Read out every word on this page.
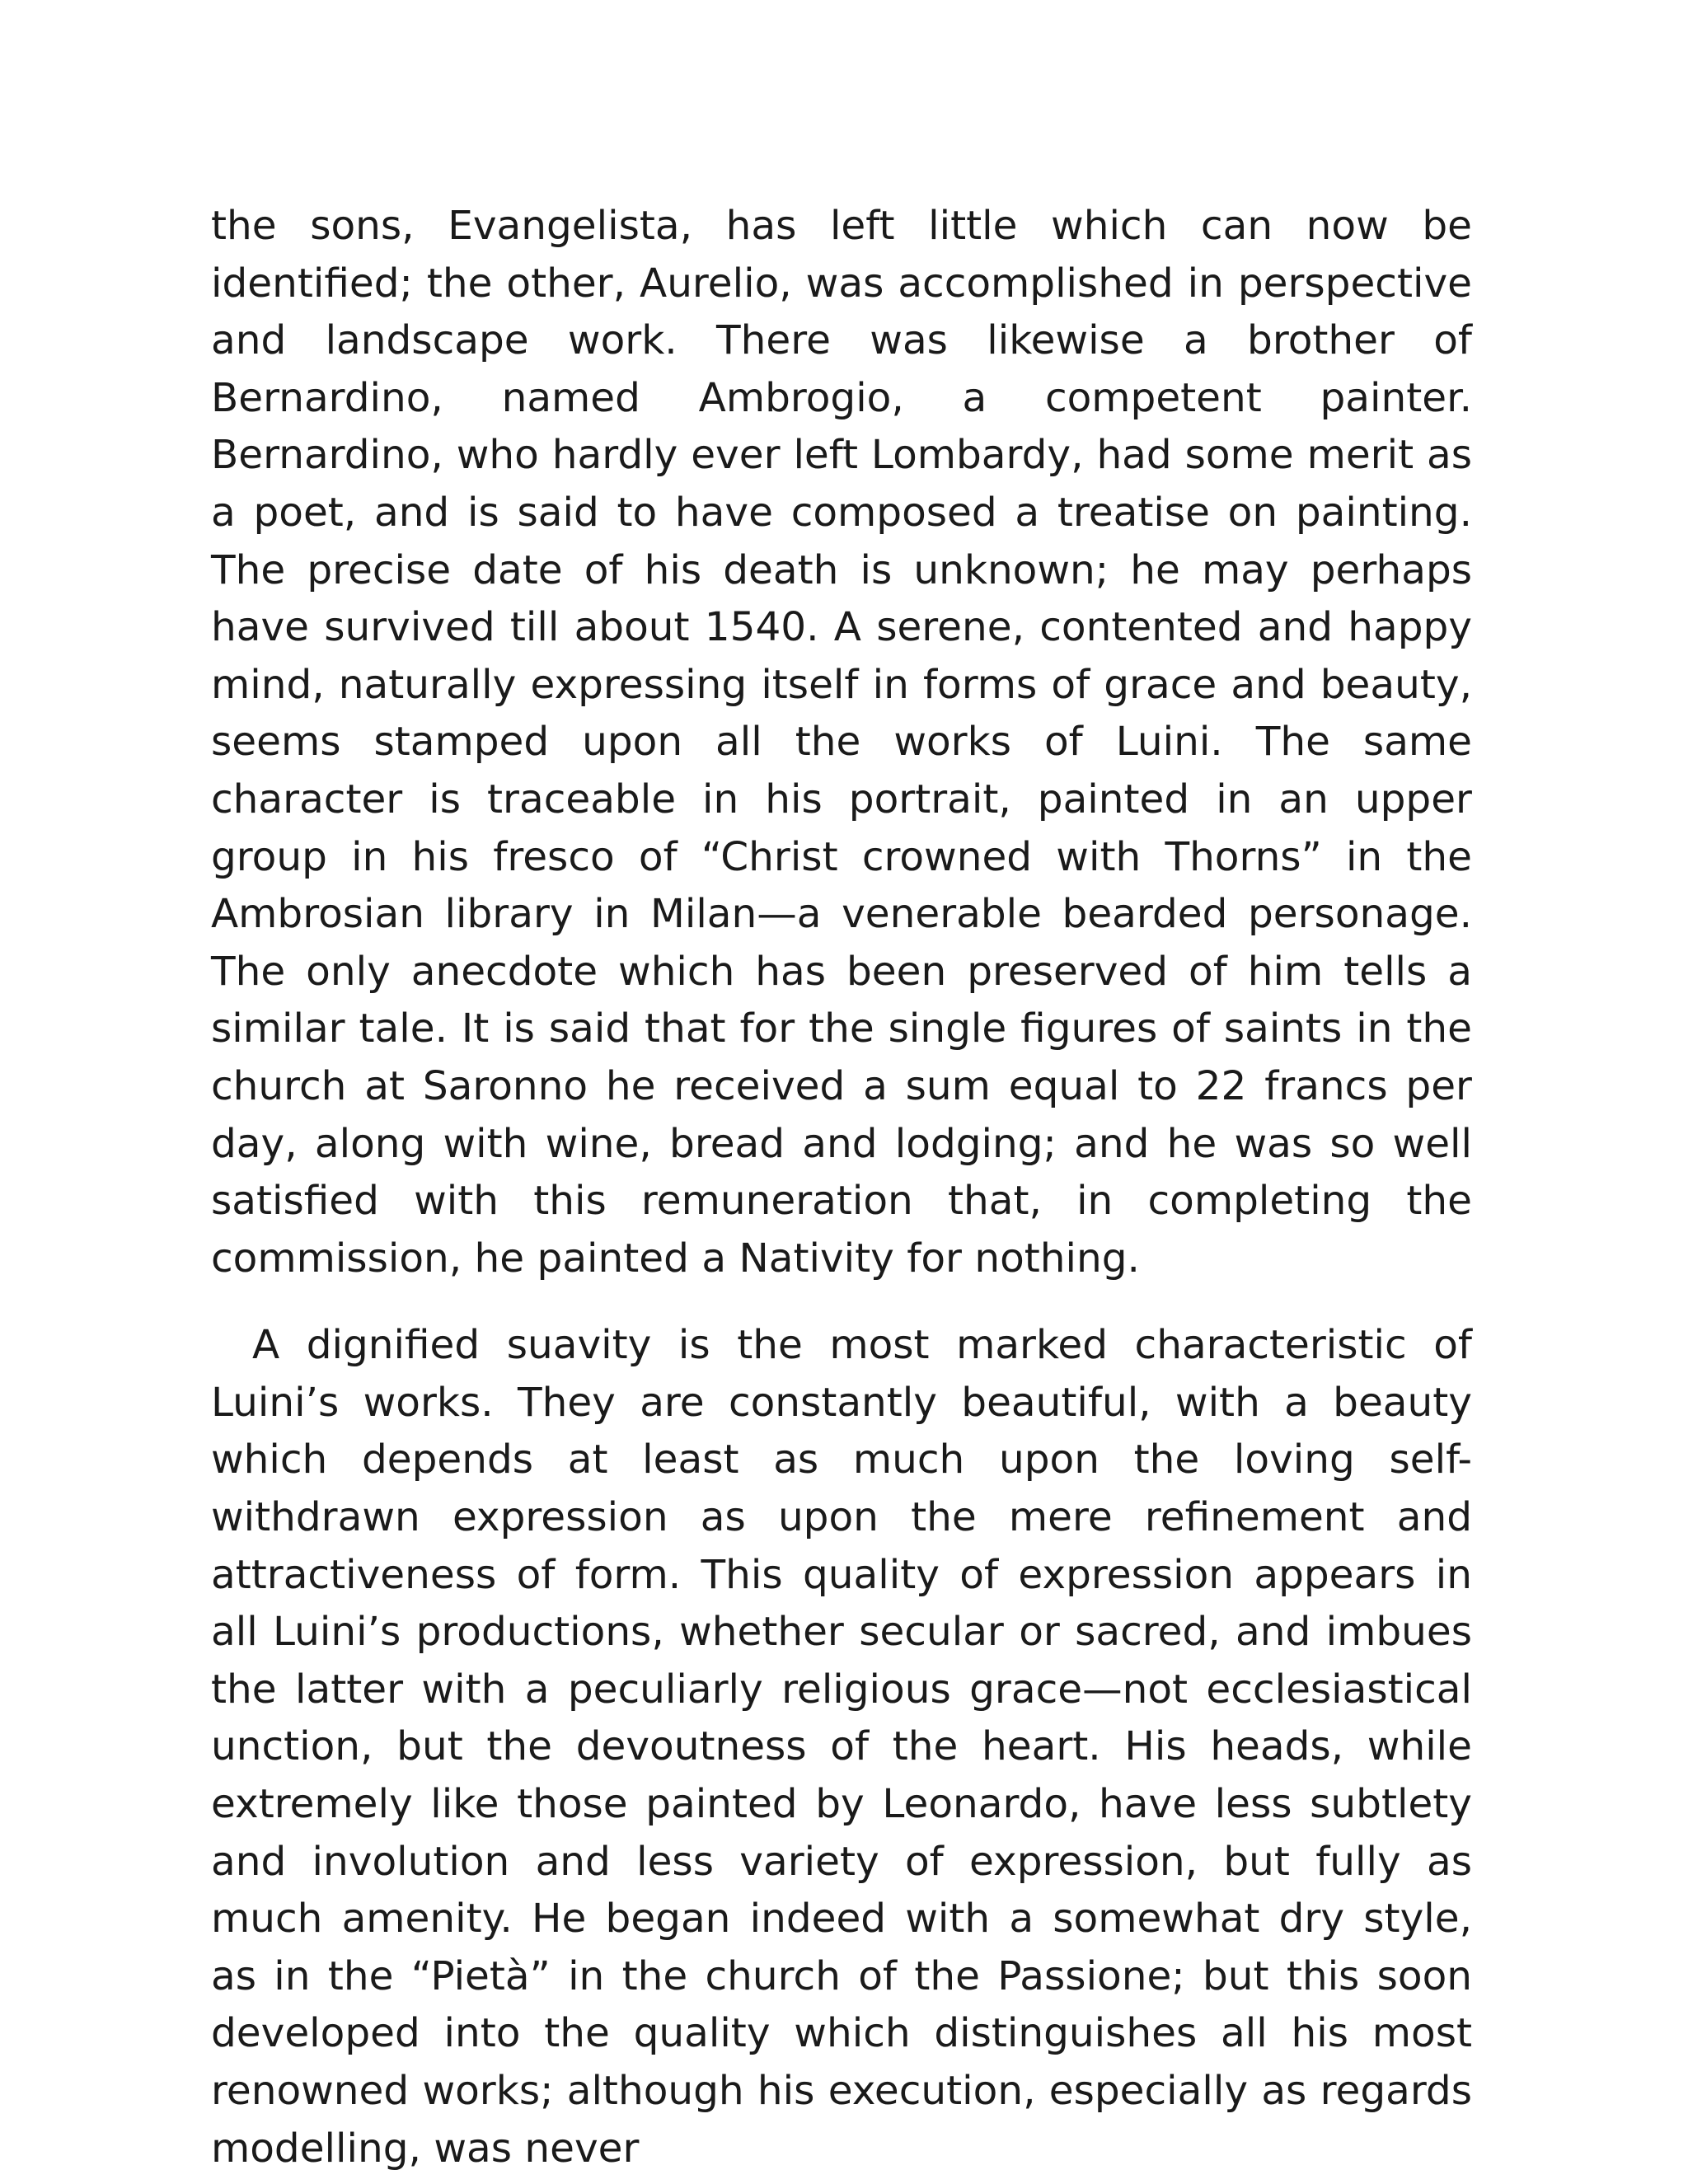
the sons, Evangelista, has left little which can now be identified; the other, Aurelio, was accomplished in perspective and landscape work. There was likewise a brother of Bernardino, named Ambrogio, a competent painter. Bernardino, who hardly ever left Lombardy, had some merit as a poet, and is said to have composed a treatise on painting. The precise date of his death is unknown; he may perhaps have survived till about 1540. A serene, contented and happy mind, naturally expressing itself in forms of grace and beauty, seems stamped upon all the works of Luini. The same character is traceable in his portrait, painted in an upper group in his fresco of “Christ crowned with Thorns” in the Ambrosian library in Milan—a venerable bearded personage. The only anecdote which has been preserved of him tells a similar tale. It is said that for the single figures of saints in the church at Saronno he received a sum equal to 22 francs per day, along with wine, bread and lodging; and he was so well satisfied with this remuneration that, in completing the commission, he painted a Nativity for nothing.

A dignified suavity is the most marked characteristic of Luini’s works. They are constantly beautiful, with a beauty which depends at least as much upon the loving self-withdrawn expression as upon the mere refinement and attractiveness of form. This quality of expression appears in all Luini’s productions, whether secular or sacred, and imbues the latter with a peculiarly religious grace—not ecclesiastical unction, but the devoutness of the heart. His heads, while extremely like those painted by Leonardo, have less subtlety and involution and less variety of expression, but fully as much amenity. He began indeed with a somewhat dry style, as in the “Pietà” in the church of the Passione; but this soon developed into the quality which distinguishes all his most renowned works; although his execution, especially as regards modelling, was never
